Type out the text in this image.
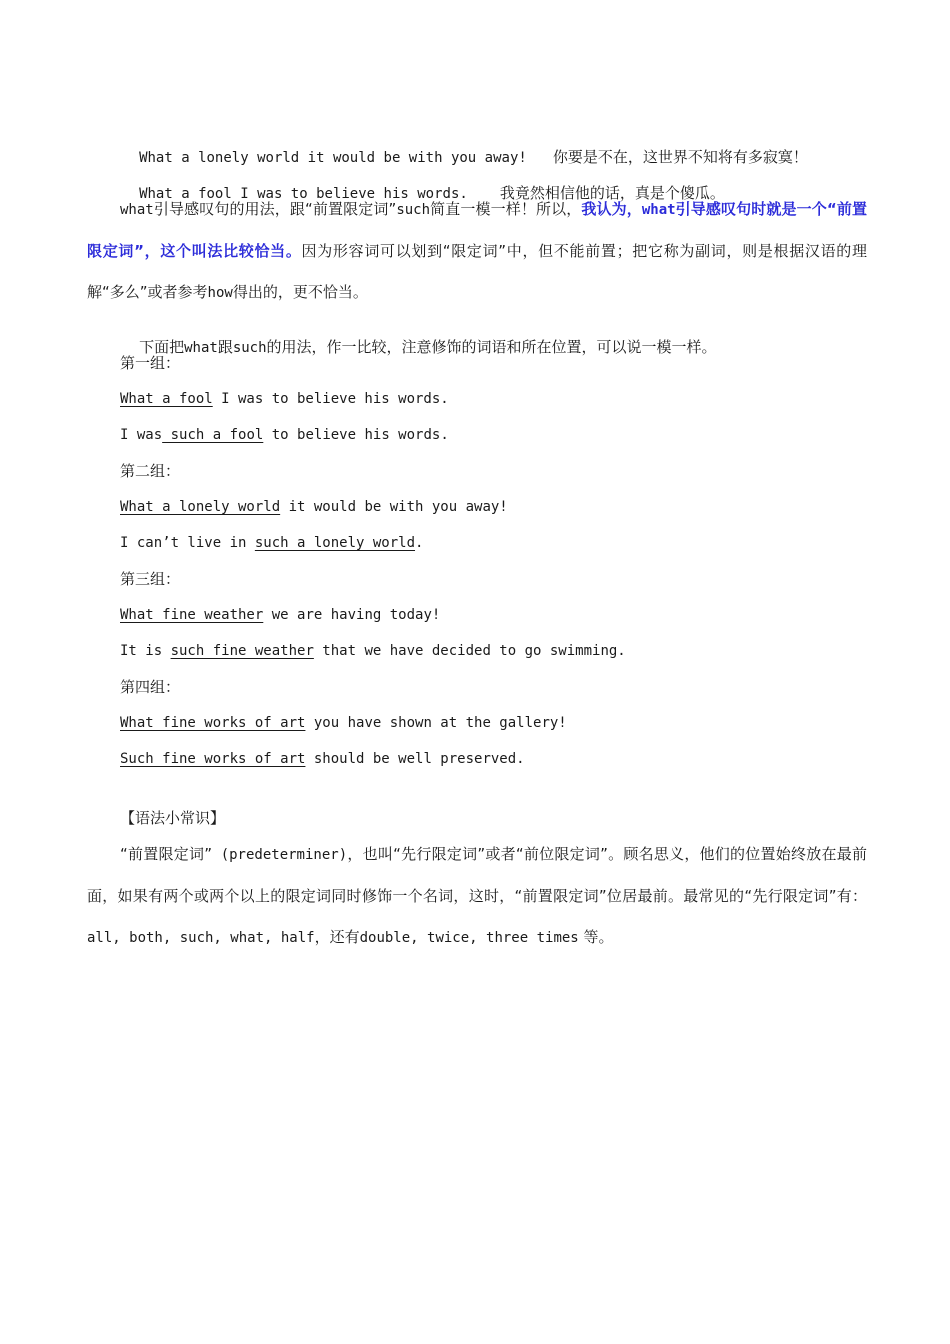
What a lonely world it would be with you away! 你要是不在，这世界不知将有多寂寞！

What a fool I was to believe his words. 我竟然相信他的话，真是个傻瓜。

what引导感叹句的用法，跟“前置限定词”such简直一模一样！所以，我认为，what引导感叹句时就是一个“前置限定词”，这个叫法比较恰当。因为形容词可以划到“限定词”中，但不能前置；把它称为副词，则是根据汉语的理解“多么”或者参考how得出的，更不恰当。

下面把what跟such的用法，作一比较，注意修饰的词语和所在位置，可以说一模一样。

第一组：
What a fool I was to believe his words.
I was such a fool to believe his words.
第二组：
What a lonely world it would be with you away!
I can’t live in such a lonely world.
第三组：
What fine weather we are having today!
It is such fine weather that we have decided to go swimming.
第四组：
What fine works of art you have shown at the gallery!
Such fine works of art should be well preserved.
【语法小常识】
“前置限定词” (predeterminer)，也叫“先行限定词”或者“前位限定词”。顾名思义，他们的位置始终放在最前面，如果有两个或两个以上的限定词同时修饰一个名词，这时，“前置限定词”位居最前。最常见的“先行限定词”有：all, both, such, what, half，还有double, twice, three times 等。
